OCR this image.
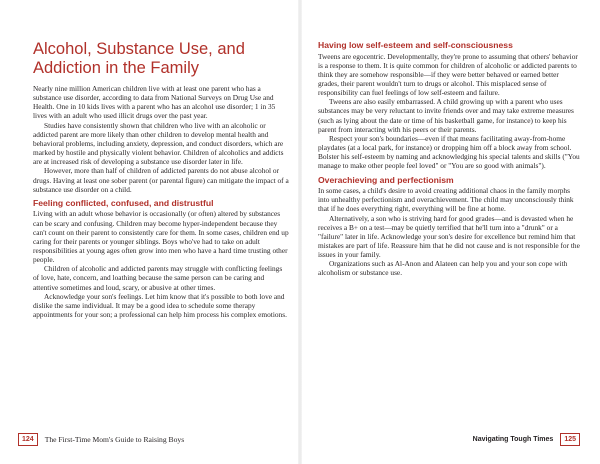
Alcohol, Substance Use, and
Addiction in the Family

Nearly nine million American children live with at least one parent who has a substance use disorder, according to data from National Surveys on Drug Use and Health. One in 10 kids lives with a parent who has an alcohol use disorder; 1 in 35 lives with an adult who used illicit drugs over the past year.

Studies have consistently shown that children who live with an alcoholic or addicted parent are more likely than other children to develop mental health and behavioral problems, including anxiety, depression, and conduct disorders, which are marked by hostile and physically violent behavior. Children of alcoholics and addicts are at increased risk of developing a substance use disorder later in life.

However, more than half of children of addicted parents do not abuse alcohol or drugs. Having at least one sober parent (or parental figure) can mitigate the impact of a substance use disorder on a child.

Feeling conflicted, confused, and distrustful

Living with an adult whose behavior is occasionally (or often) altered by substances can be scary and confusing. Children may become hyper-independent because they can't count on their parent to consistently care for them. In some cases, children end up caring for their parents or younger siblings. Boys who've had to take on adult responsibilities at young ages often grow into men who have a hard time trusting other people.

Children of alcoholic and addicted parents may struggle with conflicting feelings of love, hate, concern, and loathing because the same person can be caring and attentive sometimes and loud, scary, or abusive at other times.

Acknowledge your son's feelings. Let him know that it's possible to both love and dislike the same individual. It may be a good idea to schedule some therapy appointments for your son; a professional can help him process his complex emotions.

124	The First-Time Mom's Guide to Raising Boys
Having low self-esteem and self-consciousness

Tweens are egocentric. Developmentally, they're prone to assuming that others' behavior is a response to them. It is quite common for children of alcoholic or addicted parents to think they are somehow responsible—if they were better behaved or earned better grades, their parent wouldn't turn to drugs or alcohol. This misplaced sense of responsibility can fuel feelings of low self-esteem and failure.

Tweens are also easily embarrassed. A child growing up with a parent who uses substances may be very reluctant to invite friends over and may take extreme measures (such as lying about the date or time of his basketball game, for instance) to keep his parent from interacting with his peers or their parents.

Respect your son's boundaries—even if that means facilitating away-from-home playdates (at a local park, for instance) or dropping him off a block away from school. Bolster his self-esteem by naming and acknowledging his special talents and skills ("You manage to make other people feel loved" or "You are so good with animals").

Overachieving and perfectionism

In some cases, a child's desire to avoid creating additional chaos in the family morphs into unhealthy perfectionism and overachievement. The child may unconsciously think that if he does everything right, everything will be fine at home.

Alternatively, a son who is striving hard for good grades—and is devasted when he receives a B+ on a test—may be quietly terrified that he'll turn into a "drunk" or a "failure" later in life. Acknowledge your son's desire for excellence but remind him that mistakes are part of life. Reassure him that he did not cause and is not responsible for the issues in your family.

Organizations such as Al-Anon and Alateen can help you and your son cope with alcoholism or substance use.

Navigating Tough Times	125
